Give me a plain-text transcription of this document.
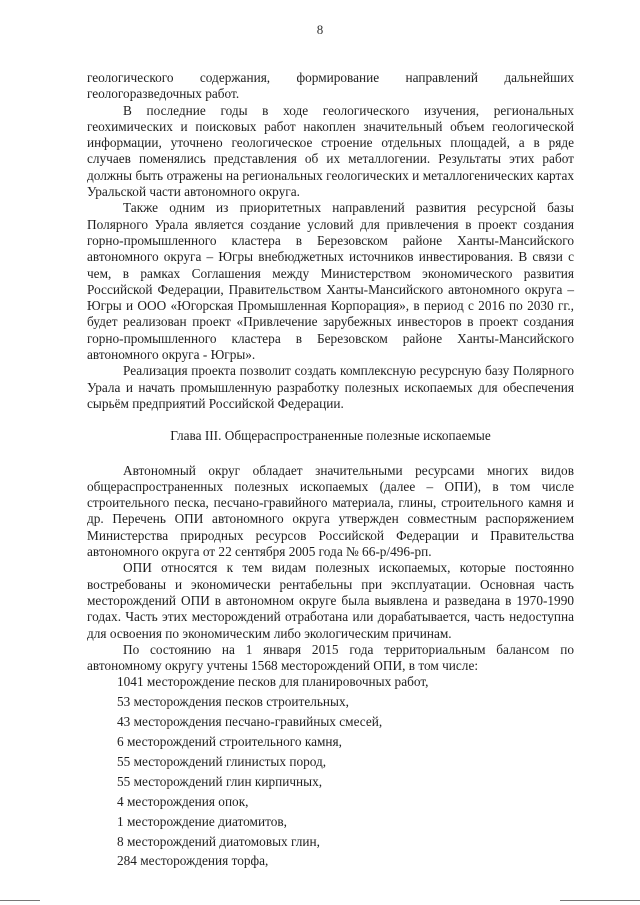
8

геологического содержания, формирование направлений дальнейших геологоразведочных работ.

В последние годы в ходе геологического изучения, региональных геохимических и поисковых работ накоплен значительный объем геологической информации, уточнено геологическое строение отдельных площадей, а в ряде случаев поменялись представления об их металлогении. Результаты этих работ должны быть отражены на региональных геологических и металлогенических картах Уральской части автономного округа.

Также одним из приоритетных направлений развития ресурсной базы Полярного Урала является создание условий для привлечения в проект создания горно-промышленного кластера в Березовском районе Ханты-Мансийского автономного округа – Югры внебюджетных источников инвестирования. В связи с чем, в рамках Соглашения между Министерством экономического развития Российской Федерации, Правительством Ханты-Мансийского автономного округа – Югры и ООО «Югорская Промышленная Корпорация», в период с 2016 по 2030 гг., будет реализован проект «Привлечение зарубежных инвесторов в проект создания горно-промышленного кластера в Березовском районе Ханты-Мансийского автономного округа - Югры».

Реализация проекта позволит создать комплексную ресурсную базу Полярного Урала и начать промышленную разработку полезных ископаемых для обеспечения сырьём предприятий Российской Федерации.

Глава III. Общераспространенные полезные ископаемые

Автономный округ обладает значительными ресурсами многих видов общераспространенных полезных ископаемых (далее – ОПИ), в том числе строительного песка, песчано-гравийного материала, глины, строительного камня и др. Перечень ОПИ автономного округа утвержден совместным распоряжением Министерства природных ресурсов Российской Федерации и Правительства автономного округа от 22 сентября 2005 года № 66-р/496-рп.

ОПИ относятся к тем видам полезных ископаемых, которые постоянно востребованы и экономически рентабельны при эксплуатации. Основная часть месторождений ОПИ в автономном округе была выявлена и разведана в 1970-1990 годах. Часть этих месторождений отработана или дорабатывается, часть недоступна для освоения по экономическим либо экологическим причинам.

По состоянию на 1 января 2015 года территориальным балансом по автономному округу учтены 1568 месторождений ОПИ, в том числе:

1041 месторождение песков для планировочных работ,
53 месторождения песков строительных,
43 месторождения песчано-гравийных смесей,
6 месторождений строительного камня,
55 месторождений глинистых пород,
55 месторождений глин кирпичных,
4 месторождения опок,
1 месторождение диатомитов,
8 месторождений диатомовых глин,
284 месторождения торфа,
